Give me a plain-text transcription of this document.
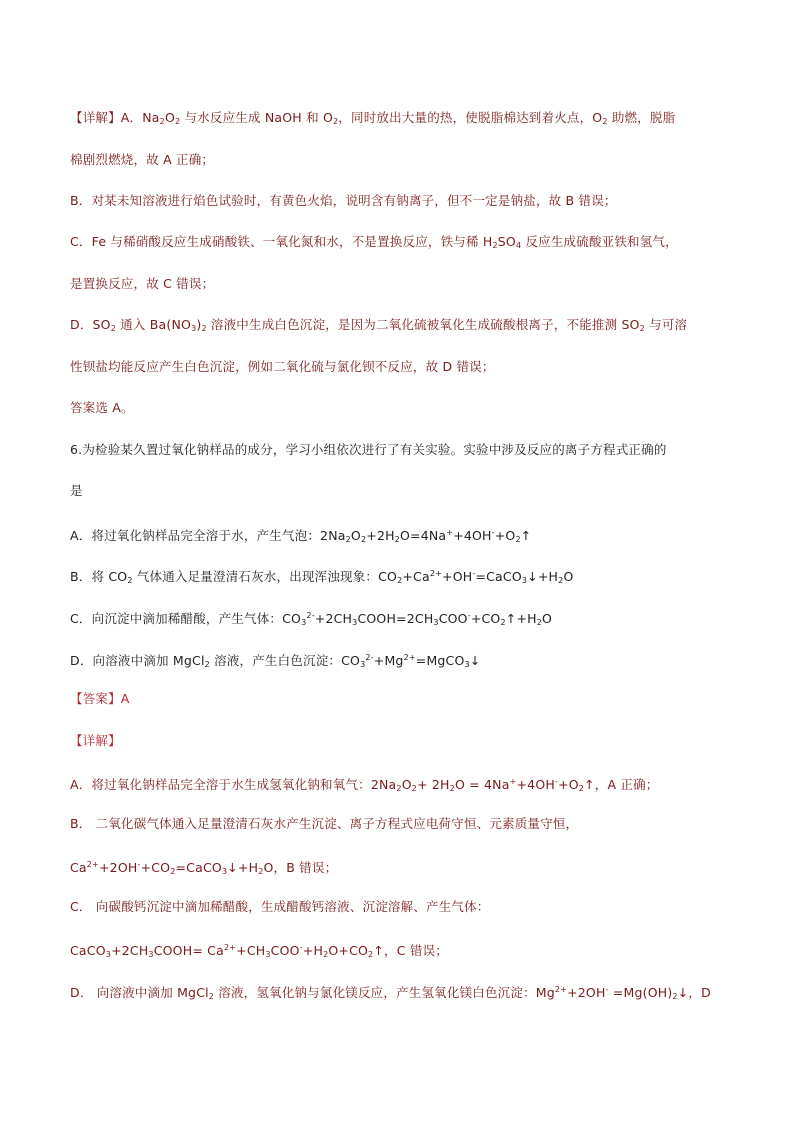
【详解】A．$Na_2O_2$ 与水反应生成 NaOH 和 $O_2$，同时放出大量的热，使脱脂棉达到着火点，$O_2$ 助燃，脱脂
棉剧烈燃烧，故 A 正确；
B．对某未知溶液进行焰色试验时，有黄色火焰，说明含有钠离子，但不一定是钠盐，故 B 错误；
C．Fe 与稀硝酸反应生成硝酸铁、一氧化氮和水，不是置换反应，铁与稀 $H_2SO_4$ 反应生成硫酸亚铁和氢气，
是置换反应，故 C 错误；
D．$SO_2$ 通入 $Ba(NO_3)_2$ 溶液中生成白色沉淀，是因为二氧化硫被氧化生成硫酸根离子，不能推测 $SO_2$ 与可溶
性钡盐均能反应产生白色沉淀，例如二氧化硫与氯化钡不反应，故 D 错误；
答案选 A。
6.为检验某久置过氧化钠样品的成分，学习小组依次进行了有关实验。实验中涉及反应的离子方程式正确的
是
A．将过氧化钠样品完全溶于水，产生气泡：$2Na_2O_2+2H_2O=4Na^++4OH^-+O_2↑$
B．将 $CO_2$ 气体通入足量澄清石灰水，出现浑浊现象：$CO_2+Ca^{2+}+OH^-=CaCO_3↓+H_2O$
C．向沉淀中滴加稀醋酸，产生气体：$CO_3^{2-}+2CH_3COOH=2CH_3COO^-+CO_2↑+H_2O$
D．向溶液中滴加 MgCl$_2$ 溶液，产生白色沉淀：$CO_3^{2-}+Mg^{2+}=MgCO_3↓$
【答案】A
【详解】
A．将过氧化钠样品完全溶于水生成氢氧化钠和氧气：$2Na_2O_2+ 2H_2O$ = $4Na^++4OH^-+O_2↑$，A 正确；
B． 二氧化碳气体通入足量澄清石灰水产生沉淀、离子方程式应电荷守恒、元素质量守恒，
$Ca^{2+}+2OH^-+CO_2=CaCO_3↓+H_2O$，B 错误；
C． 向碳酸钙沉淀中滴加稀醋酸，生成醋酸钙溶液、沉淀溶解、产生气体：
$CaCO_3+2CH_3COOH=$ $Ca^{2+}+CH_3COO^-+H_2O+CO_2↑$，C 错误；
D． 向溶液中滴加 MgCl$_2$ 溶液，氢氧化钠与氯化镁反应，产生氢氧化镁白色沉淀：$Mg^{2+}+2OH^-$ $=Mg(OH)_2↓$，D
